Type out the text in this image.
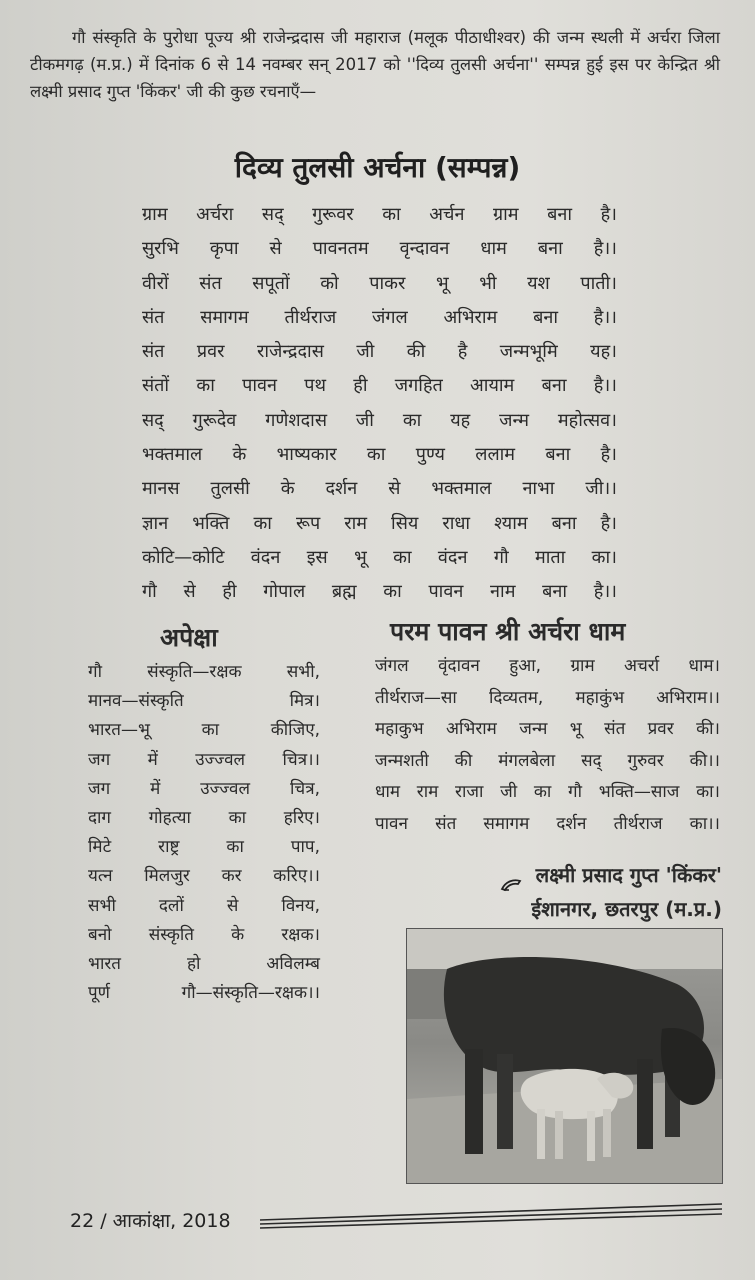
गौ संस्कृति के पुरोधा पूज्य श्री राजेन्द्रदास जी महाराज (मलूक पीठाधीश्वर) की जन्म स्थली में अर्चरा जिला टीकमगढ़ (म.प्र.) में दिनांक 6 से 14 नवम्बर सन् 2017 को ''दिव्य तुलसी अर्चना'' सम्पन्न हुई इस पर केन्द्रित श्री लक्ष्मी प्रसाद गुप्त 'किंकर' जी की कुछ रचनाएँ—
दिव्य तुलसी अर्चना (सम्पन्न)
ग्राम अर्चरा सद् गुरूवर का अर्चन ग्राम बना है।
सुरभि कृपा से पावनतम वृन्दावन धाम बना है।।
वीरों संत सपूतों को पाकर भू भी यश पाती।
संत समागम तीर्थराज जंगल अभिराम बना है।।
संत प्रवर राजेन्द्रदास जी की है जन्मभूमि यह।
संतों का पावन पथ ही जगहित आयाम बना है।।
सद् गुरूदेव गणेशदास जी का यह जन्म महोत्सव।
भक्तमाल के भाष्यकार का पुण्य ललाम बना है।
मानस तुलसी के दर्शन से भक्तमाल नाभा जी।।
ज्ञान भक्ति का रूप राम सिय राधा श्याम बना है।
कोटि—कोटि वंदन इस भू का वंदन गौ माता का।
गौ से ही गोपाल ब्रह्म का पावन नाम बना है।।
अपेक्षा	परम पावन श्री अर्चरा धाम
गौ संस्कृति—रक्षक सभी,
मानव—संस्कृति मित्र।
भारत—भू का कीजिए,
जग में उज्ज्वल चित्र।।
जग में उज्ज्वल चित्र,
दाग गोहत्या का हरिए।
मिटे राष्ट्र का पाप,
यत्न मिलजुर कर करिए।।
सभी दलों से विनय,
बनो संस्कृति के रक्षक।
भारत हो अविलम्ब
पूर्ण गौ—संस्कृति—रक्षक।।
जंगल वृंदावन हुआ, ग्राम अचर्रा धाम।
तीर्थराज—सा दिव्यतम, महाकुंभ अभिराम।।
महाकुभ अभिराम जन्म भू संत प्रवर की।
जन्मशती की मंगलबेला सद् गुरुवर की।।
धाम राम राजा जी का गौ भक्ति—साज का।
पावन संत समागम दर्शन तीर्थराज का।।
लक्ष्मी प्रसाद गुप्त 'किंकर'
ईशानगर, छतरपुर (म.प्र.)
22 / आकांक्षा, 2018
